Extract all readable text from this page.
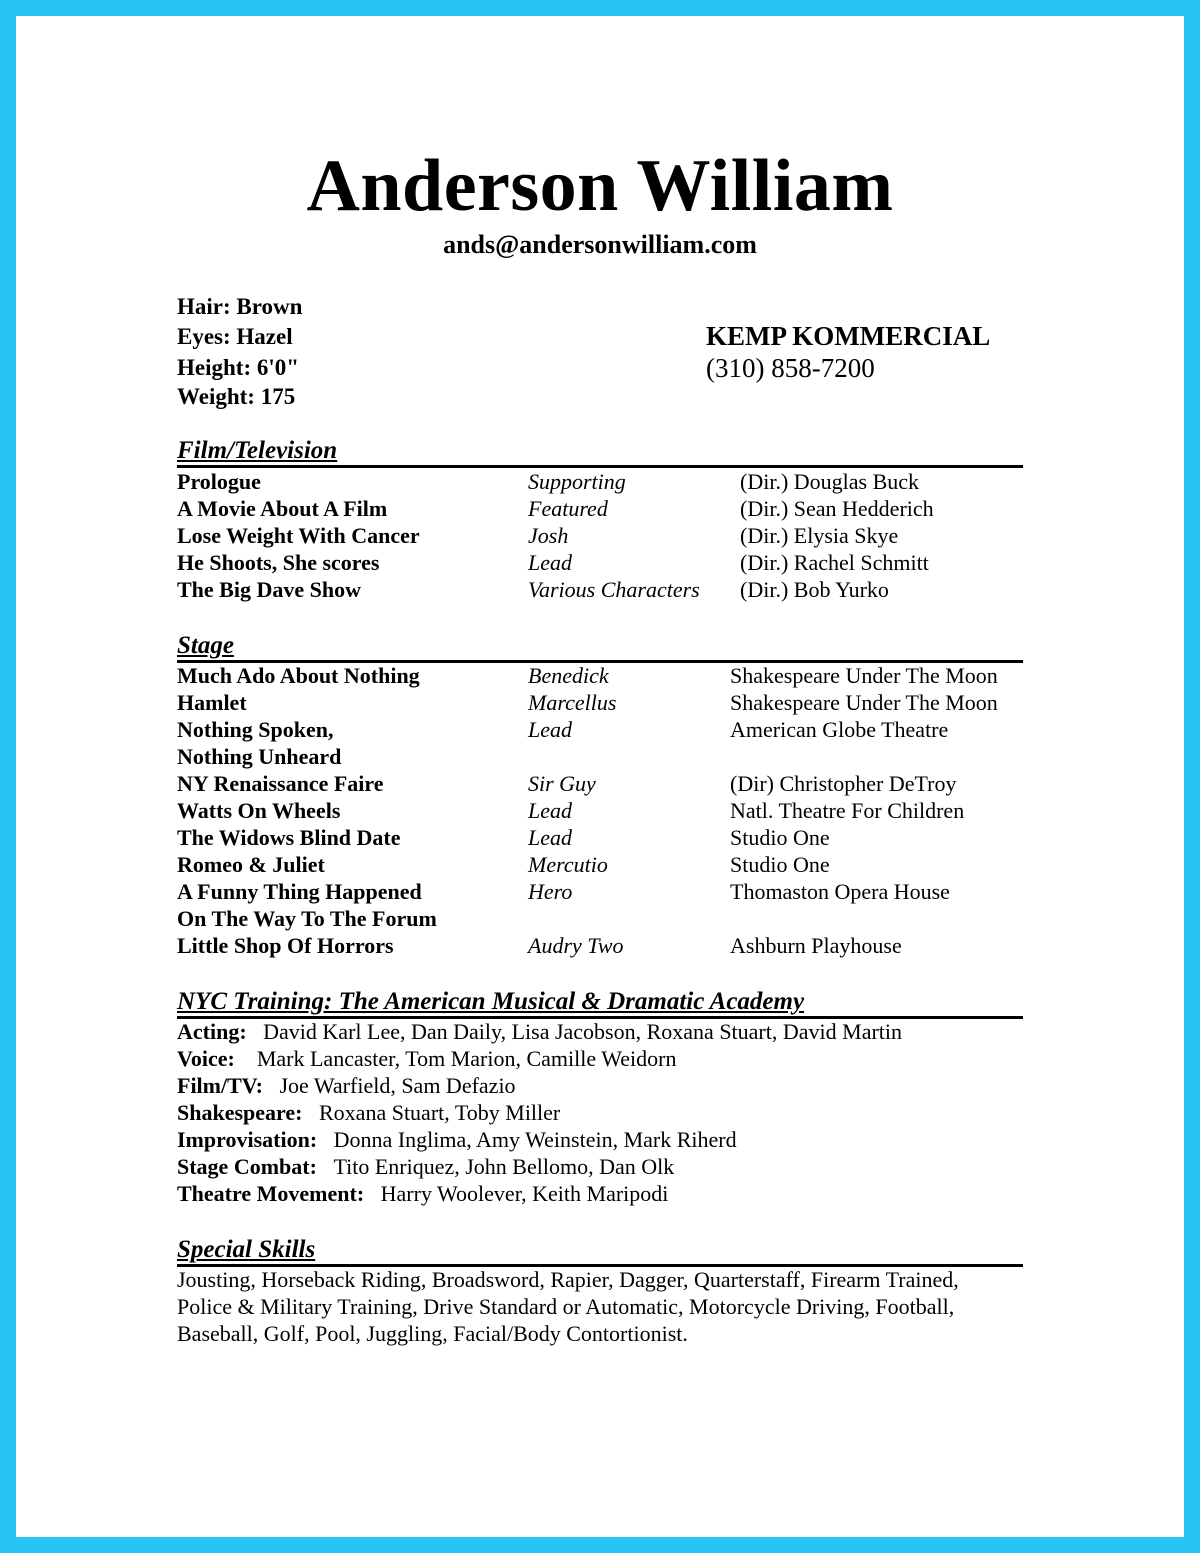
Anderson William
ands@andersonwilliam.com
Hair: Brown
Eyes: Hazel
Height: 6'0"
Weight: 175
KEMP KOMMERCIAL
(310) 858-7200
Film/Television
Prologue	Supporting	(Dir.) Douglas Buck
A Movie About A Film	Featured	(Dir.) Sean Hedderich
Lose Weight With Cancer	Josh	(Dir.) Elysia Skye
He Shoots, She scores	Lead	(Dir.) Rachel Schmitt
The Big Dave Show	Various Characters (Dir.) Bob Yurko
Stage
Much Ado About Nothing	Benedick	Shakespeare Under The Moon
Hamlet	Marcellus	Shakespeare Under The Moon
Nothing Spoken,	Lead	American Globe Theatre
Nothing Unheard
NY Renaissance Faire	Sir Guy	(Dir) Christopher DeTroy
Watts On Wheels	Lead	Natl. Theatre For Children
The Widows Blind Date	Lead	Studio One
Romeo & Juliet	Mercutio	Studio One
A Funny Thing Happened	Hero	Thomaston Opera House
On The Way To The Forum
Little Shop Of Horrors	Audry Two	Ashburn Playhouse
NYC Training: The American Musical & Dramatic Academy
Acting: David Karl Lee, Dan Daily, Lisa Jacobson, Roxana Stuart, David Martin
Voice: Mark Lancaster, Tom Marion, Camille Weidorn
Film/TV: Joe Warfield, Sam Defazio
Shakespeare: Roxana Stuart, Toby Miller
Improvisation: Donna Inglima, Amy Weinstein, Mark Riherd
Stage Combat: Tito Enriquez, John Bellomo, Dan Olk
Theatre Movement: Harry Woolever, Keith Maripodi
Special Skills
Jousting, Horseback Riding, Broadsword, Rapier, Dagger, Quarterstaff, Firearm Trained,
Police & Military Training, Drive Standard or Automatic, Motorcycle Driving, Football,
Baseball, Golf, Pool, Juggling, Facial/Body Contortionist.
